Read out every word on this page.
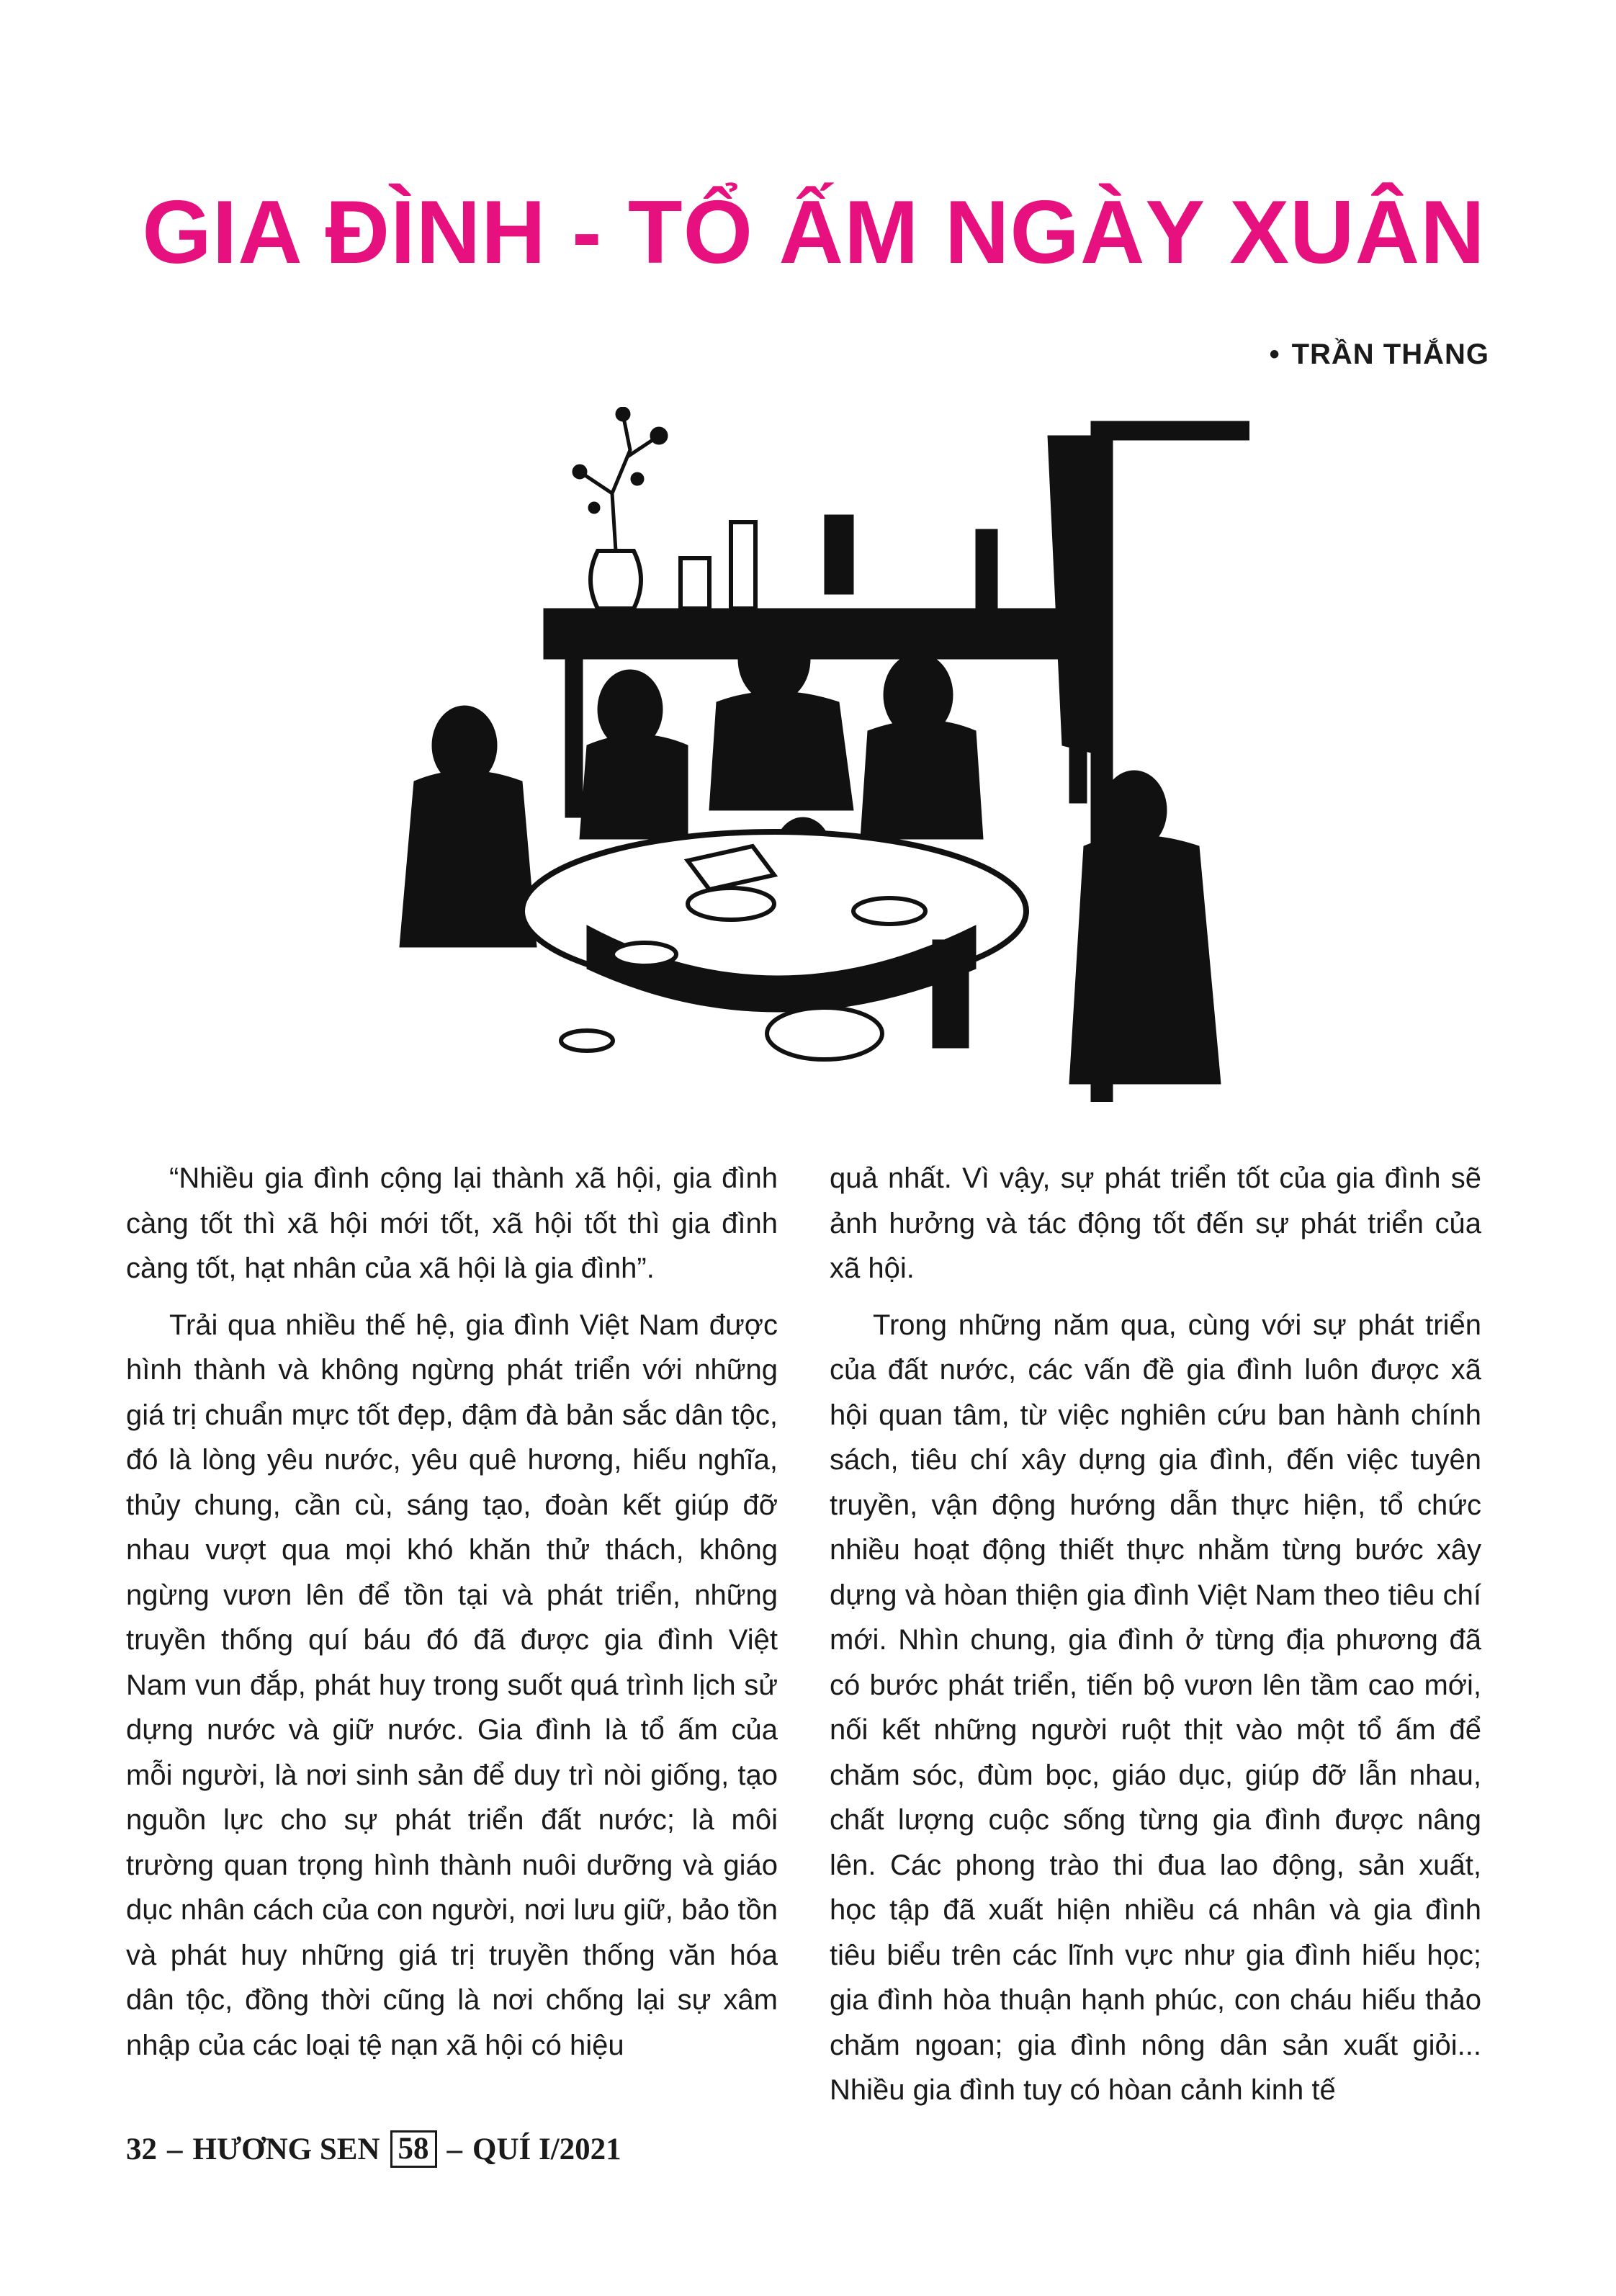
GIA ĐÌNH - TỔ ẤM NGÀY XUÂN
• TRẦN THẮNG

“Nhiều gia đình cộng lại thành xã hội, gia đình càng tốt thì xã hội mới tốt, xã hội tốt thì gia đình càng tốt, hạt nhân của xã hội là gia đình”.

Trải qua nhiều thế hệ, gia đình Việt Nam được hình thành và không ngừng phát triển với những giá trị chuẩn mực tốt đẹp, đậm đà bản sắc dân tộc, đó là lòng yêu nước, yêu quê hương, hiếu nghĩa, thủy chung, cần cù, sáng tạo, đoàn kết giúp đỡ nhau vượt qua mọi khó khăn thử thách, không ngừng vươn lên để tồn tại và phát triển, những truyền thống quí báu đó đã được gia đình Việt Nam vun đắp, phát huy trong suốt quá trình lịch sử dựng nước và giữ nước. Gia đình là tổ ấm của mỗi người, là nơi sinh sản để duy trì nòi giống, tạo nguồn lực cho sự phát triển đất nước; là môi trường quan trọng hình thành nuôi dưỡng và giáo dục nhân cách của con người, nơi lưu giữ, bảo tồn và phát huy những giá trị truyền thống văn hóa dân tộc, đồng thời cũng là nơi chống lại sự xâm nhập của các loại tệ nạn xã hội có hiệu

quả nhất. Vì vậy, sự phát triển tốt của gia đình sẽ ảnh hưởng và tác động tốt đến sự phát triển của xã hội.

Trong những năm qua, cùng với sự phát triển của đất nước, các vấn đề gia đình luôn được xã hội quan tâm, từ việc nghiên cứu ban hành chính sách, tiêu chí xây dựng gia đình, đến việc tuyên truyền, vận động hướng dẫn thực hiện, tổ chức nhiều hoạt động thiết thực nhằm từng bước xây dựng và hòan thiện gia đình Việt Nam theo tiêu chí mới. Nhìn chung, gia đình ở từng địa phương đã có bước phát triển, tiến bộ vươn lên tầm cao mới, nối kết những người ruột thịt vào một tổ ấm để chăm sóc, đùm bọc, giáo dục, giúp đỡ lẫn nhau, chất lượng cuộc sống từng gia đình được nâng lên. Các phong trào thi đua lao động, sản xuất, học tập đã xuất hiện nhiều cá nhân và gia đình tiêu biểu trên các lĩnh vực như gia đình hiếu học; gia đình hòa thuận hạnh phúc, con cháu hiếu thảo chăm ngoan; gia đình nông dân sản xuất giỏi... Nhiều gia đình tuy có hòan cảnh kinh tế

32 – HƯƠNG SEN 58 – QUÍ I/2021
